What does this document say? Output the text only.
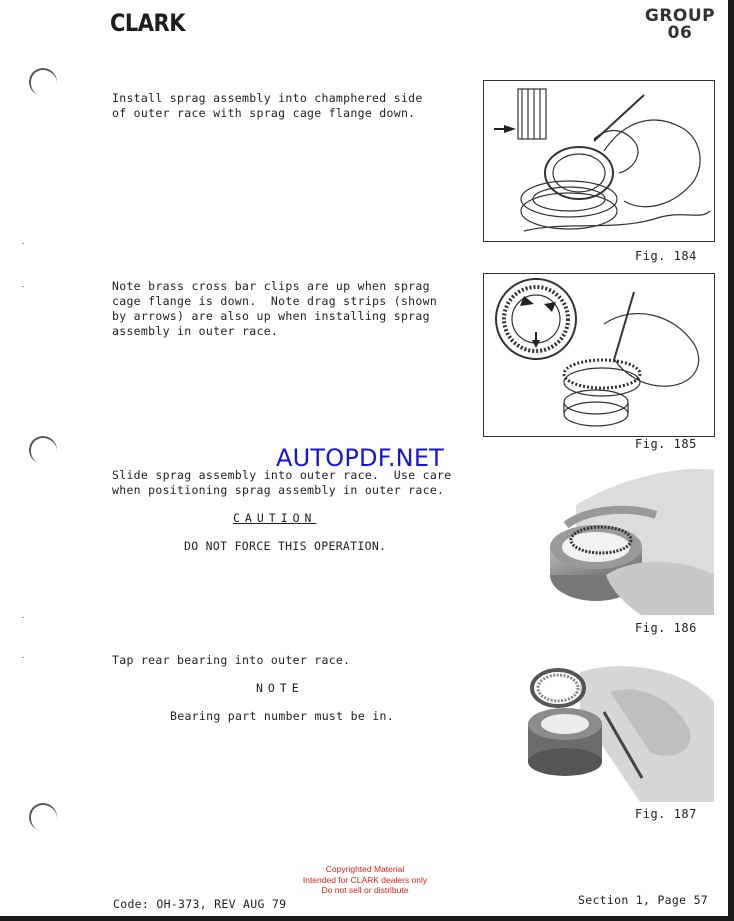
CLARK	GROUP
06
Install sprag assembly into champhered side
of outer race with sprag cage flange down.
Fig. 184
Note brass cross bar clips are up when sprag
cage flange is down.  Note drag strips (shown
by arrows) are also up when installing sprag
assembly in outer race.
Fig. 185
AUTOPDF.NET
Slide sprag assembly into outer race.  Use care
when positioning sprag assembly in outer race.
CAUTION
DO NOT FORCE THIS OPERATION.
Fig. 186
Tap rear bearing into outer race.
NOTE
Bearing part number must be in.
Fig. 187
Copyrighted Material
Intended for CLARK dealers only
Do not sell or distribute
Code: OH-373, REV AUG 79	Section 1, Page 57
